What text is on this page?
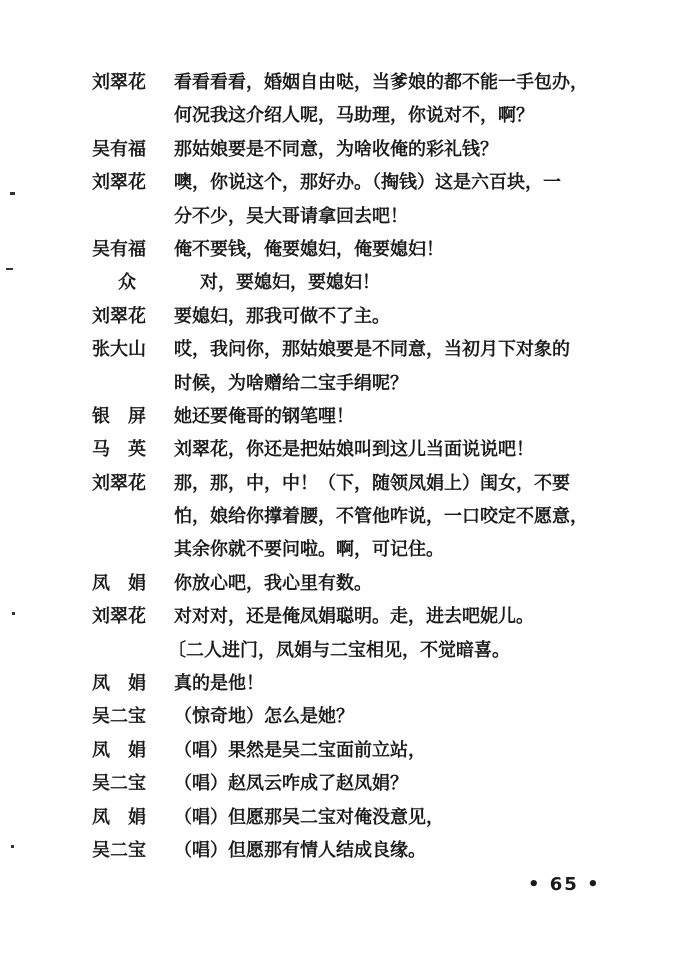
刘翠花	看看看看，婚姻自由哒，当爹娘的都不能一手包办，
何况我这介绍人呢，马助理，你说对不，啊？
吴有福	那姑娘要是不同意，为啥收俺的彩礼钱？
刘翠花	噢，你说这个，那好办。（掏钱）这是六百块，一
分不少，吴大哥请拿回去吧！
吴有福	俺不要钱，俺要媳妇，俺要媳妇！
众	对，要媳妇，要媳妇！
刘翠花	要媳妇，那我可做不了主。
张大山	哎，我问你，那姑娘要是不同意，当初月下对象的
时候，为啥赠给二宝手绢呢？
银　屏	她还要俺哥的钢笔哩！
马　英	刘翠花，你还是把姑娘叫到这儿当面说说吧！
刘翠花	那，那，中，中！（下，随领凤娟上）闺女，不要
怕，娘给你撑着腰，不管他咋说，一口咬定不愿意，
其余你就不要问啦。啊，可记住。
凤　娟	你放心吧，我心里有数。
刘翠花	对对对，还是俺凤娟聪明。走，进去吧妮儿。
〔二人进门，凤娟与二宝相见，不觉暗喜。
凤　娟	真的是他！
吴二宝	（惊奇地）怎么是她？
凤　娟	（唱）果然是吴二宝面前立站，
吴二宝	（唱）赵凤云咋成了赵凤娟？
凤　娟	（唱）但愿那吴二宝对俺没意见，
吴二宝	（唱）但愿那有情人结成良缘。
• 65 •
